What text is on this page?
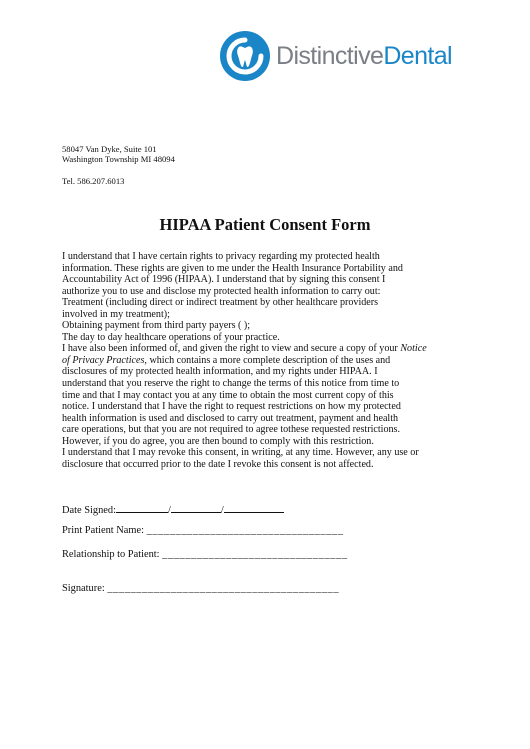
DistinctiveDental
58047 Van Dyke, Suite 101
Washington Township MI 48094
Tel. 586.207.6013
HIPAA Patient Consent Form

I understand that I have certain rights to privacy regarding my protected health

information. These rights are given to me under the Health Insurance Portability and

Accountability Act of 1996 (HIPAA). I understand that by signing this consent I

authorize you to use and disclose my protected health information to carry out:

Treatment (including direct or indirect treatment by other healthcare providers

involved in my treatment);

Obtaining payment from third party payers ( );

The day to day healthcare operations of your practice.

I have also been informed of, and given the right to view and secure a copy of your Notice

of Privacy Practices, which contains a more complete description of the uses and

disclosures of my protected health information, and my rights under HIPAA. I

understand that you reserve the right to change the terms of this notice from time to

time and that I may contact you at any time to obtain the most current copy of this

notice. I understand that I have the right to request restrictions on how my protected

health information is used and disclosed to carry out treatment, payment and health

care operations, but that you are not required to agree tothese requested restrictions.

However, if you do agree, you are then bound to comply with this restriction.

I understand that I may revoke this consent, in writing, at any time. However, any use or

disclosure that occurred prior to the date I revoke this consent is not affected.

Date Signed:	/	/
Print Patient Name: __________________________________
Relationship to Patient: ________________________________
Signature: ________________________________________
